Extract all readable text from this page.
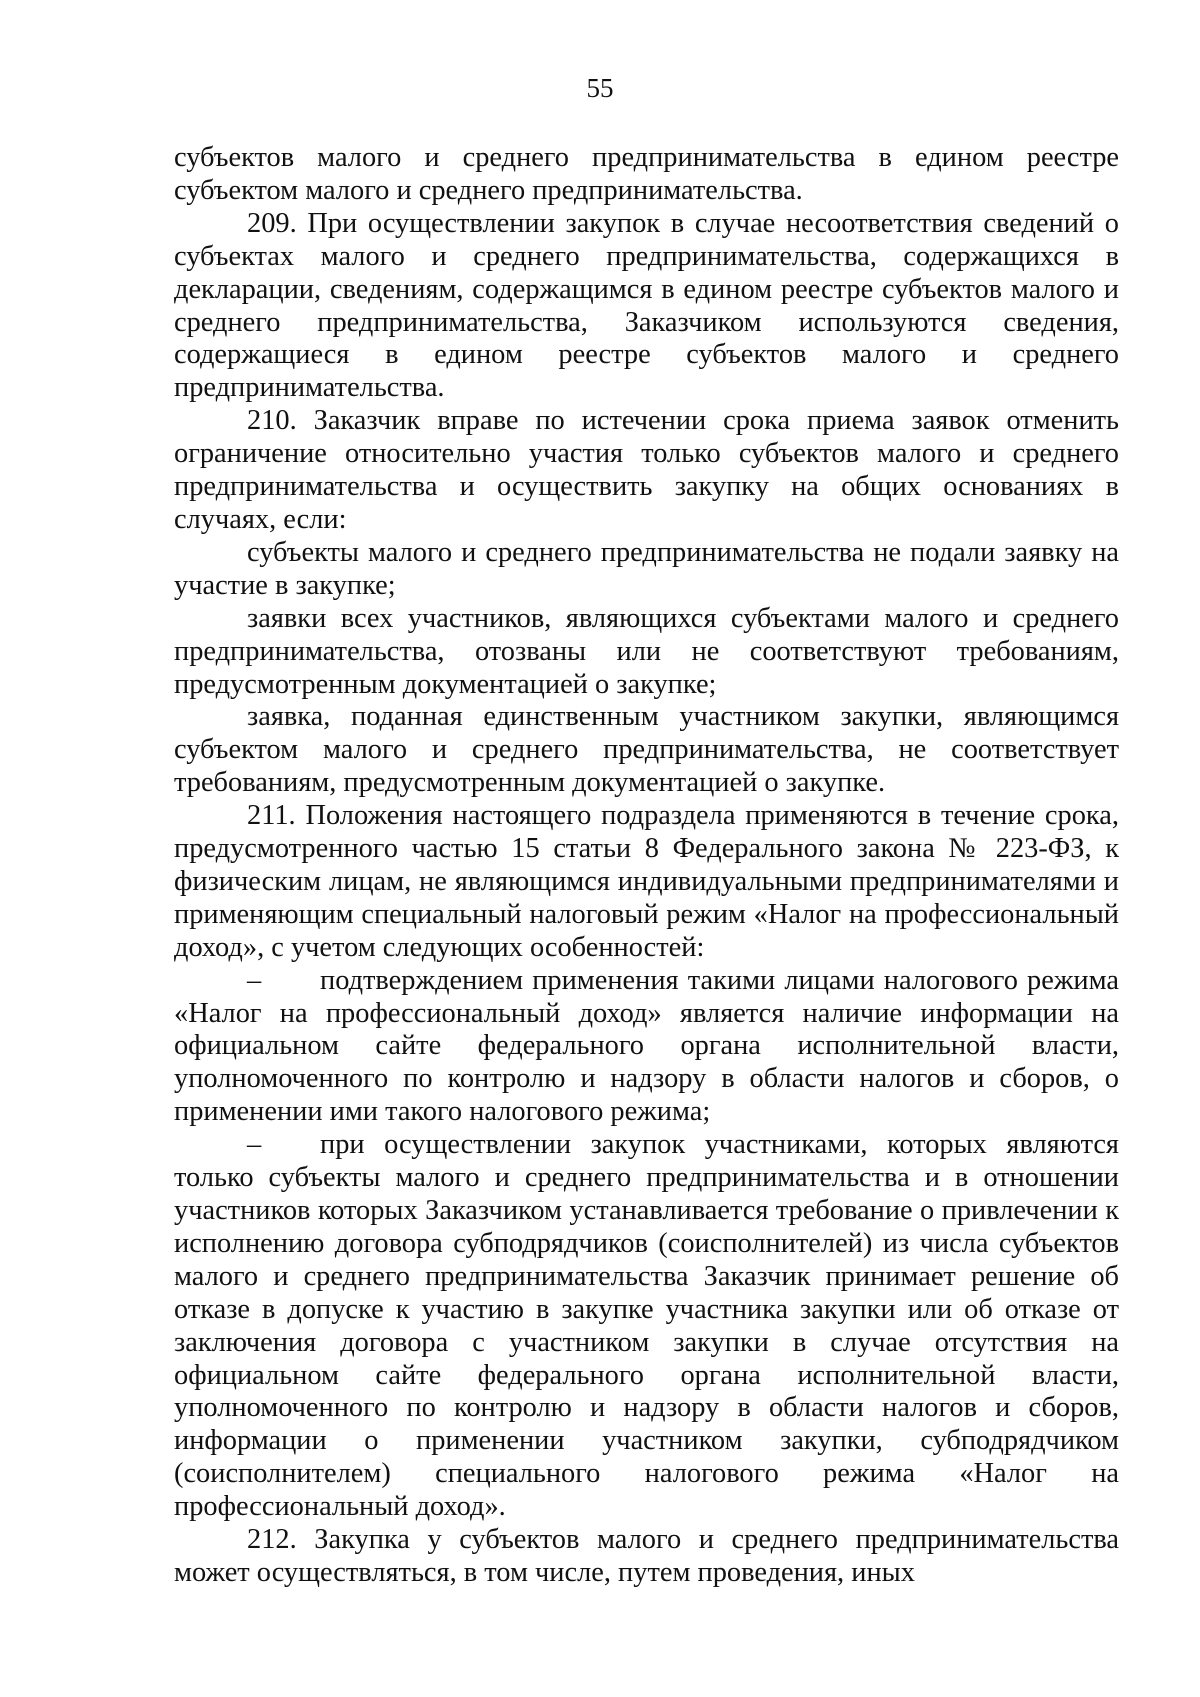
55

субъектов малого и среднего предпринимательства в едином реестре субъектом малого и среднего предпринимательства.

209. При осуществлении закупок в случае несоответствия сведений о субъектах малого и среднего предпринимательства, содержащихся в декларации, сведениям, содержащимся в едином реестре субъектов малого и среднего предпринимательства, Заказчиком используются сведения, содержащиеся в едином реестре субъектов малого и среднего предпринимательства.

210. Заказчик вправе по истечении срока приема заявок отменить ограничение относительно участия только субъектов малого и среднего предпринимательства и осуществить закупку на общих основаниях в случаях, если:

субъекты малого и среднего предпринимательства не подали заявку на участие в закупке;

заявки всех участников, являющихся субъектами малого и среднего предпринимательства, отозваны или не соответствуют требованиям, предусмотренным документацией о закупке;

заявка, поданная единственным участником закупки, являющимся субъектом малого и среднего предпринимательства, не соответствует требованиям, предусмотренным документацией о закупке.

211. Положения настоящего подраздела применяются в течение срока, предусмотренного частью 15 статьи 8 Федерального закона № 223-ФЗ, к физическим лицам, не являющимся индивидуальными предпринимателями и применяющим специальный налоговый режим «Налог на профессиональный доход», с учетом следующих особенностей:

– подтверждением применения такими лицами налогового режима «Налог на профессиональный доход» является наличие информации на официальном сайте федерального органа исполнительной власти, уполномоченного по контролю и надзору в области налогов и сборов, о применении ими такого налогового режима;

– при осуществлении закупок участниками, которых являются только субъекты малого и среднего предпринимательства и в отношении участников которых Заказчиком устанавливается требование о привлечении к исполнению договора субподрядчиков (соисполнителей) из числа субъектов малого и среднего предпринимательства Заказчик принимает решение об отказе в допуске к участию в закупке участника закупки или об отказе от заключения договора с участником закупки в случае отсутствия на официальном сайте федерального органа исполнительной власти, уполномоченного по контролю и надзору в области налогов и сборов, информации о применении участником закупки, субподрядчиком (соисполнителем) специального налогового режима «Налог на профессиональный доход».

212. Закупка у субъектов малого и среднего предпринимательства может осуществляться, в том числе, путем проведения, иных
